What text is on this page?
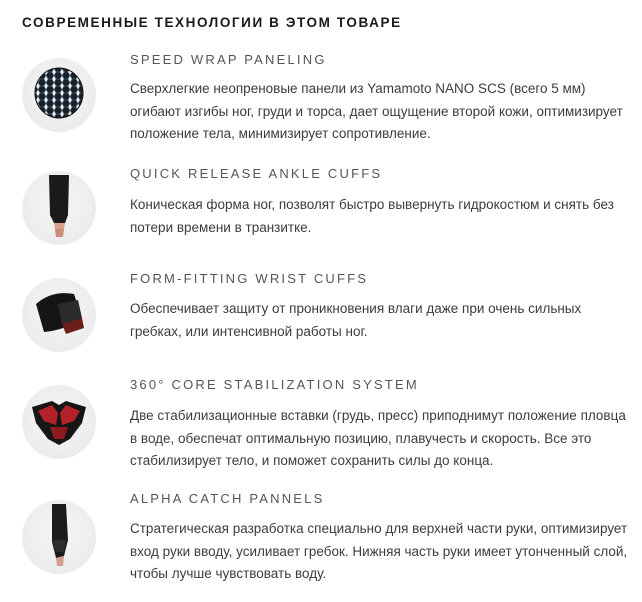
СОВРЕМЕННЫЕ ТЕХНОЛОГИИ В ЭТОМ ТОВАРЕ
SPEED WRAP PANELING
Сверхлегкие неопреновые панели из Yamamoto NANO SCS (всего 5 мм) огибают изгибы ног, груди и торса, дает ощущение второй кожи, оптимизирует положение тела, минимизирует сопротивление.
QUICK RELEASE ANKLE CUFFS
Коническая форма ног, позволят быстро вывернуть гидрокостюм и снять без потери времени в транзитке.
FORM-FITTING WRIST CUFFS
Обеспечивает защиту от проникновения влаги даже при очень сильных гребках, или интенсивной работы ног.
360° CORE STABILIZATION SYSTEM
Две стабилизационные вставки (грудь, пресс) приподнимут положение пловца в воде, обеспечат оптимальную позицию, плавучесть и скорость. Все это стабилизирует тело, и поможет сохранить силы до конца.
ALPHA CATCH PANNELS
Стратегическая разработка специально для верхней части руки, оптимизирует вход руки вводу, усиливает гребок. Нижняя часть руки имеет утонченный слой, чтобы лучше чувствовать воду.
